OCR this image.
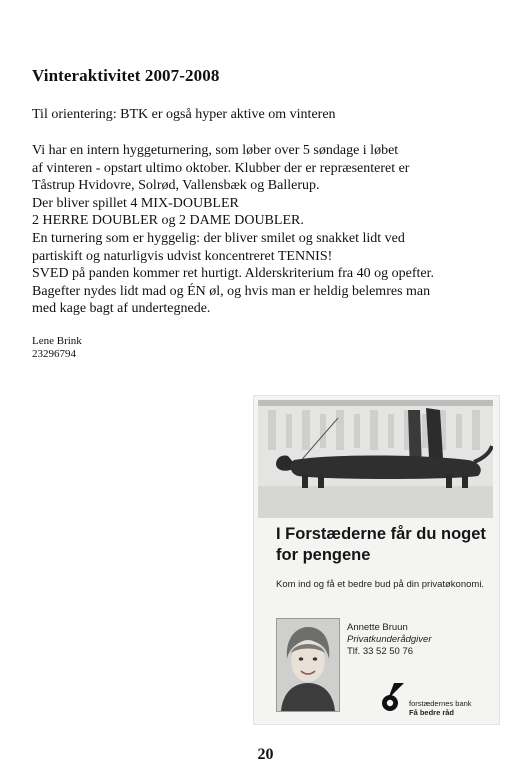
Vinteraktivitet 2007-2008
Til orientering: BTK er også hyper aktive om vinteren
Vi har en intern hyggeturnering, som løber over 5 søndage i løbet
af vinteren - opstart ultimo oktober. Klubber der er repræsenteret er
Tåstrup Hvidovre, Solrød, Vallensbæk og Ballerup.
Der bliver spillet 4 MIX-DOUBLER
2 HERRE DOUBLER og 2 DAME DOUBLER.
En turnering som er hyggelig: der bliver smilet og snakket lidt ved
partiskift og naturligvis udvist koncentreret TENNIS!
SVED på panden kommer ret hurtigt. Alderskriterium fra 40 og opefter.
Bagefter nydes lidt mad og ÉN øl, og hvis man er heldig belemres man
med kage bagt af undertegnede.
Lene Brink
23296794
I Forstæderne får du noget for pengene
Kom ind og få et bedre bud på din privatøkonomi.
Annette Bruun
Privatkunderådgiver
Tlf. 33 52 50 76
forstædernes bank
Få bedre råd
20
